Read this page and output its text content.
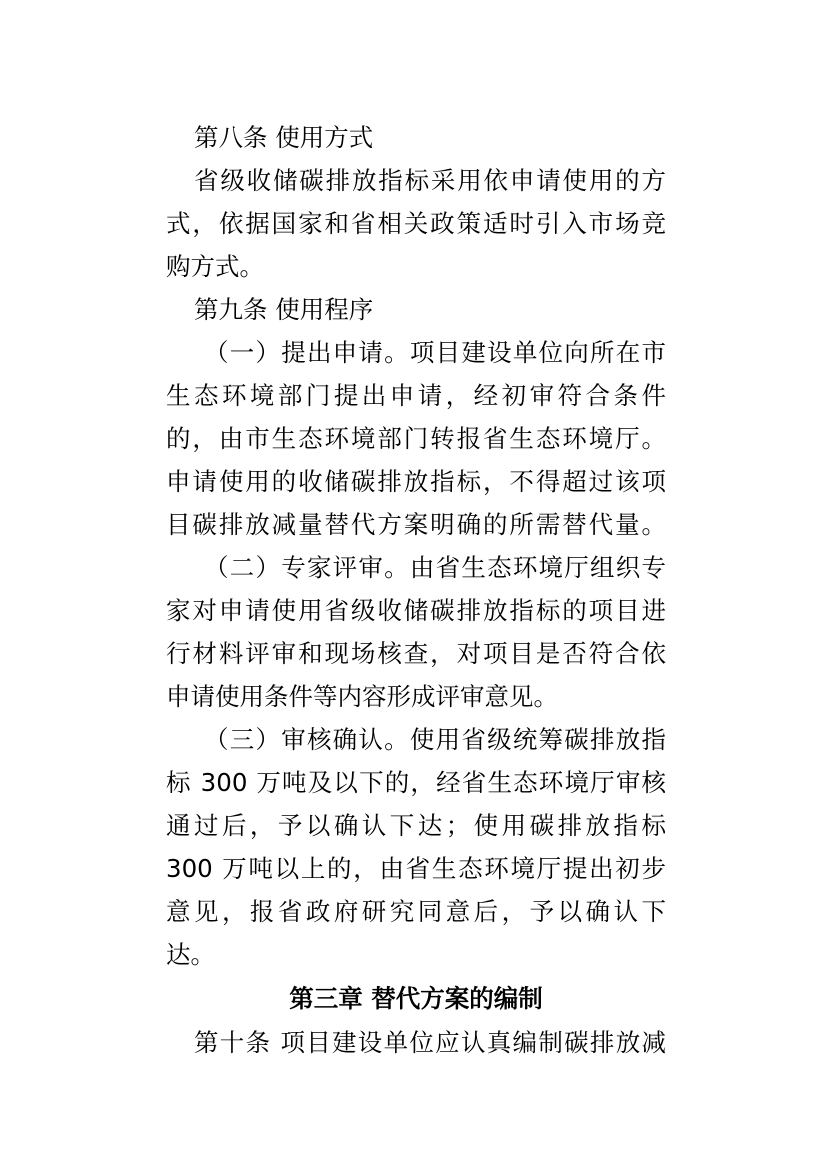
第八条 使用方式
省级收储碳排放指标采用依申请使用的方
式，依据国家和省相关政策适时引入市场竞
购方式。
第九条 使用程序
（一）提出申请。项目建设单位向所在市
生态环境部门提出申请，经初审符合条件
的，由市生态环境部门转报省生态环境厅。
申请使用的收储碳排放指标，不得超过该项
目碳排放减量替代方案明确的所需替代量。
（二）专家评审。由省生态环境厅组织专
家对申请使用省级收储碳排放指标的项目进
行材料评审和现场核查，对项目是否符合依
申请使用条件等内容形成评审意见。
（三）审核确认。使用省级统筹碳排放指
标 300 万吨及以下的，经省生态环境厅审核
通过后，予以确认下达；使用碳排放指标
300 万吨以上的，由省生态环境厅提出初步
意见，报省政府研究同意后，予以确认下
达。
第三章 替代方案的编制
第十条 项目建设单位应认真编制碳排放减
